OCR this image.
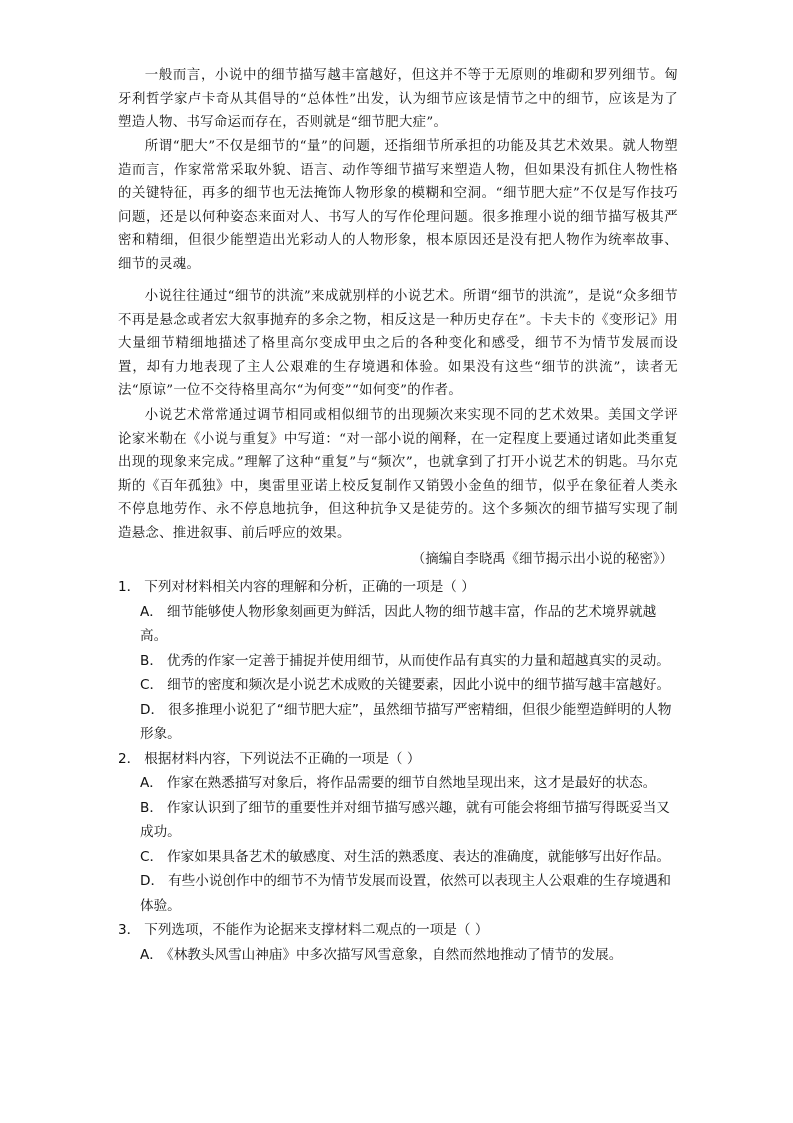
一般而言，小说中的细节描写越丰富越好，但这并不等于无原则的堆砌和罗列细节。匈牙利哲学家卢卡奇从其倡导的“总体性”出发，认为细节应该是情节之中的细节，应该是为了塑造人物、书写命运而存在，否则就是“细节肥大症”。

所谓“肥大”不仅是细节的“量”的问题，还指细节所承担的功能及其艺术效果。就人物塑造而言，作家常常采取外貌、语言、动作等细节描写来塑造人物，但如果没有抓住人物性格的关键特征，再多的细节也无法掩饰人物形象的模糊和空洞。“细节肥大症”不仅是写作技巧问题，还是以何种姿态来面对人、书写人的写作伦理问题。很多推理小说的细节描写极其严密和精细，但很少能塑造出光彩动人的人物形象，根本原因还是没有把人物作为统率故事、细节的灵魂。

小说往往通过“细节的洪流”来成就别样的小说艺术。所谓“细节的洪流”，是说“众多细节不再是悬念或者宏大叙事抛弃的多余之物，相反这是一种历史存在”。卡夫卡的《变形记》用大量细节精细地描述了格里高尔变成甲虫之后的各种变化和感受，细节不为情节发展而设置，却有力地表现了主人公艰难的生存境遇和体验。如果没有这些“细节的洪流”，读者无法“原谅”一位不交待格里高尔“为何变”“如何变”的作者。

小说艺术常常通过调节相同或相似细节的出现频次来实现不同的艺术效果。美国文学评论家米勒在《小说与重复》中写道：“对一部小说的阐释，在一定程度上要通过诸如此类重复出现的现象来完成。”理解了这种“重复”与“频次”，也就拿到了打开小说艺术的钥匙。马尔克斯的《百年孤独》中，奥雷里亚诺上校反复制作又销毁小金鱼的细节，似乎在象征着人类永不停息地劳作、永不停息地抗争，但这种抗争又是徒劳的。这个多频次的细节描写实现了制造悬念、推进叙事、前后呼应的效果。

（摘编自李晓禹《细节揭示出小说的秘密》）

1． 下列对材料相关内容的理解和分析，正确的一项是（ ）

A． 细节能够使人物形象刻画更为鲜活，因此人物的细节越丰富，作品的艺术境界就越高。

B． 优秀的作家一定善于捕捉并使用细节，从而使作品有真实的力量和超越真实的灵动。

C． 细节的密度和频次是小说艺术成败的关键要素，因此小说中的细节描写越丰富越好。

D． 很多推理小说犯了“细节肥大症”，虽然细节描写严密精细，但很少能塑造鲜明的人物形象。

2． 根据材料内容，下列说法不正确的一项是（ ）

A． 作家在熟悉描写对象后，将作品需要的细节自然地呈现出来，这才是最好的状态。

B． 作家认识到了细节的重要性并对细节描写感兴趣，就有可能会将细节描写得既妥当又成功。

C． 作家如果具备艺术的敏感度、对生活的熟悉度、表达的准确度，就能够写出好作品。

D． 有些小说创作中的细节不为情节发展而设置，依然可以表现主人公艰难的生存境遇和体验。

3． 下列选项，不能作为论据来支撑材料二观点的一项是（ ）

A． 《林教头风雪山神庙》中多次描写风雪意象，自然而然地推动了情节的发展。
